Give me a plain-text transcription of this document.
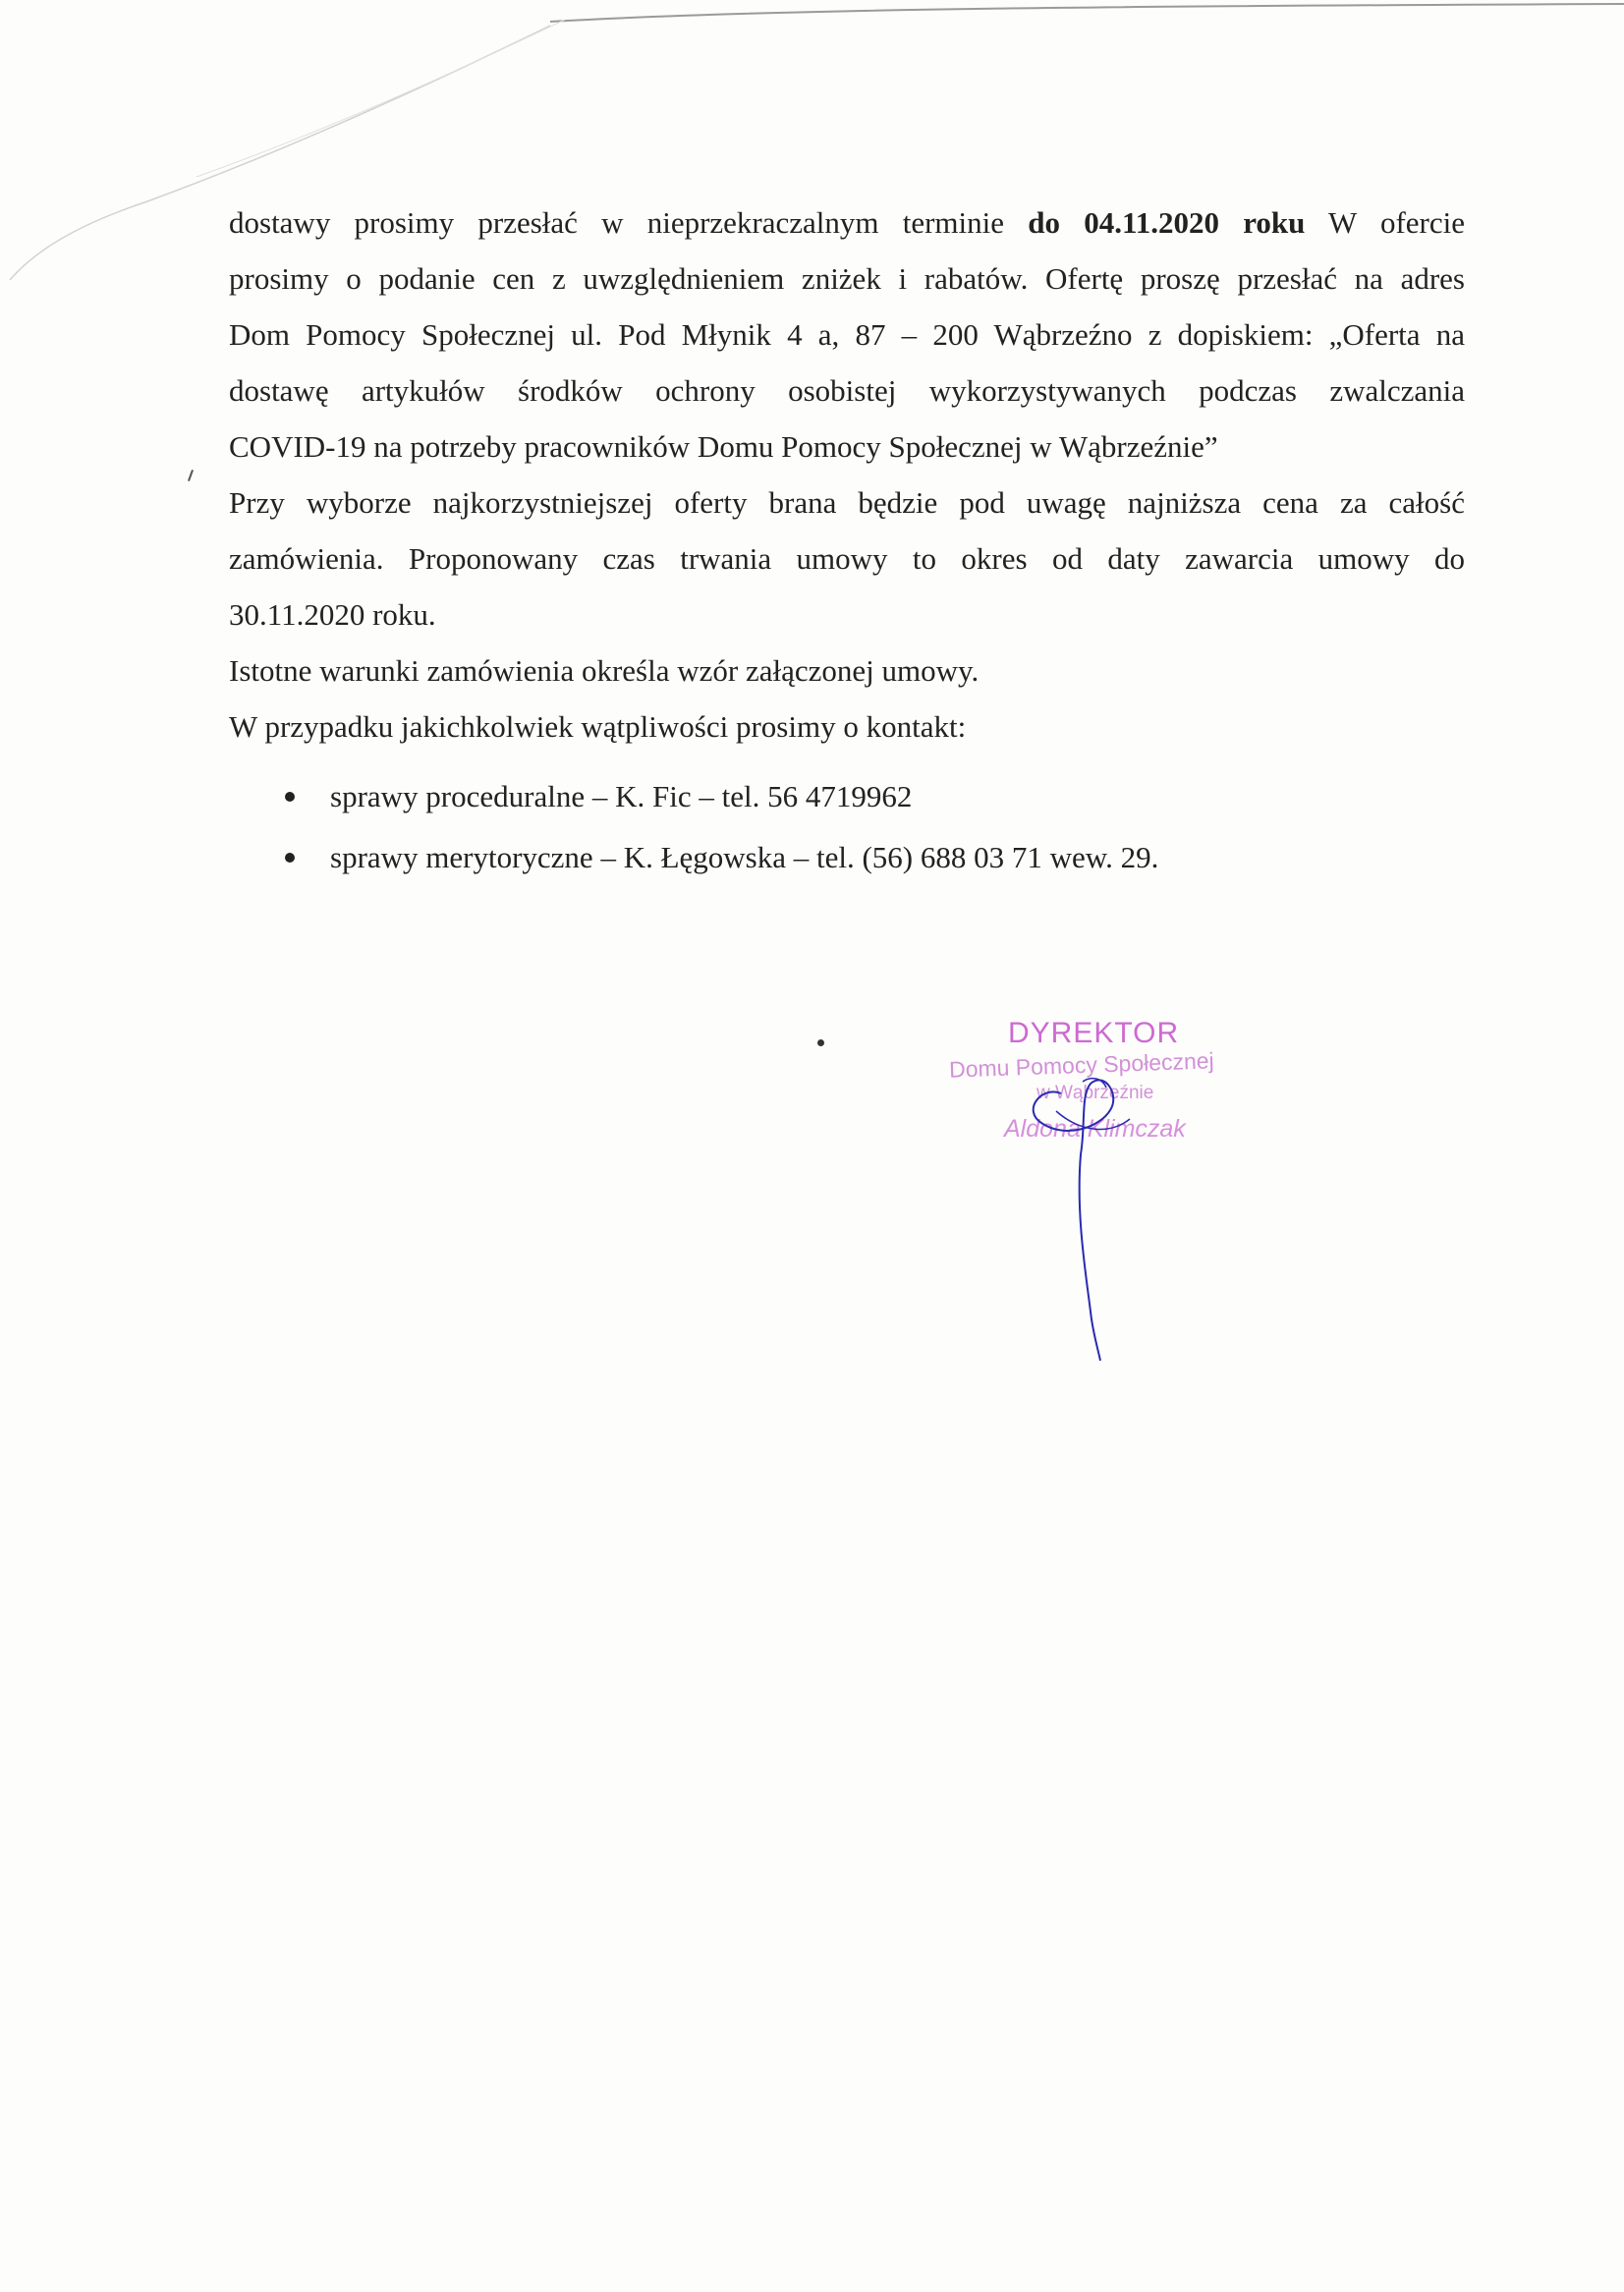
dostawy prosimy przesłać w nieprzekraczalnym terminie do 04.11.2020 roku W ofercie
prosimy o podanie cen z uwzględnieniem zniżek i rabatów. Ofertę proszę przesłać na adres
Dom Pomocy Społecznej ul. Pod Młynik 4 a, 87 – 200 Wąbrzeźno z dopiskiem: „Oferta na
dostawę artykułów środków ochrony osobistej wykorzystywanych podczas zwalczania
COVID-19 na potrzeby pracowników Domu Pomocy Społecznej w Wąbrzeźnie”
Przy wyborze najkorzystniejszej oferty brana będzie pod uwagę najniższa cena za całość
zamówienia. Proponowany czas trwania umowy to okres od daty zawarcia umowy do
30.11.2020 roku.
Istotne warunki zamówienia określa wzór załączonej umowy.
W przypadku jakichkolwiek wątpliwości prosimy o kontakt:
sprawy proceduralne – K. Fic – tel. 56 4719962
sprawy merytoryczne – K. Łęgowska – tel. (56) 688 03 71 wew. 29.
DYREKTOR
Domu Pomocy Społecznej
w Wąbrzeźnie
Aldona Klimczak
